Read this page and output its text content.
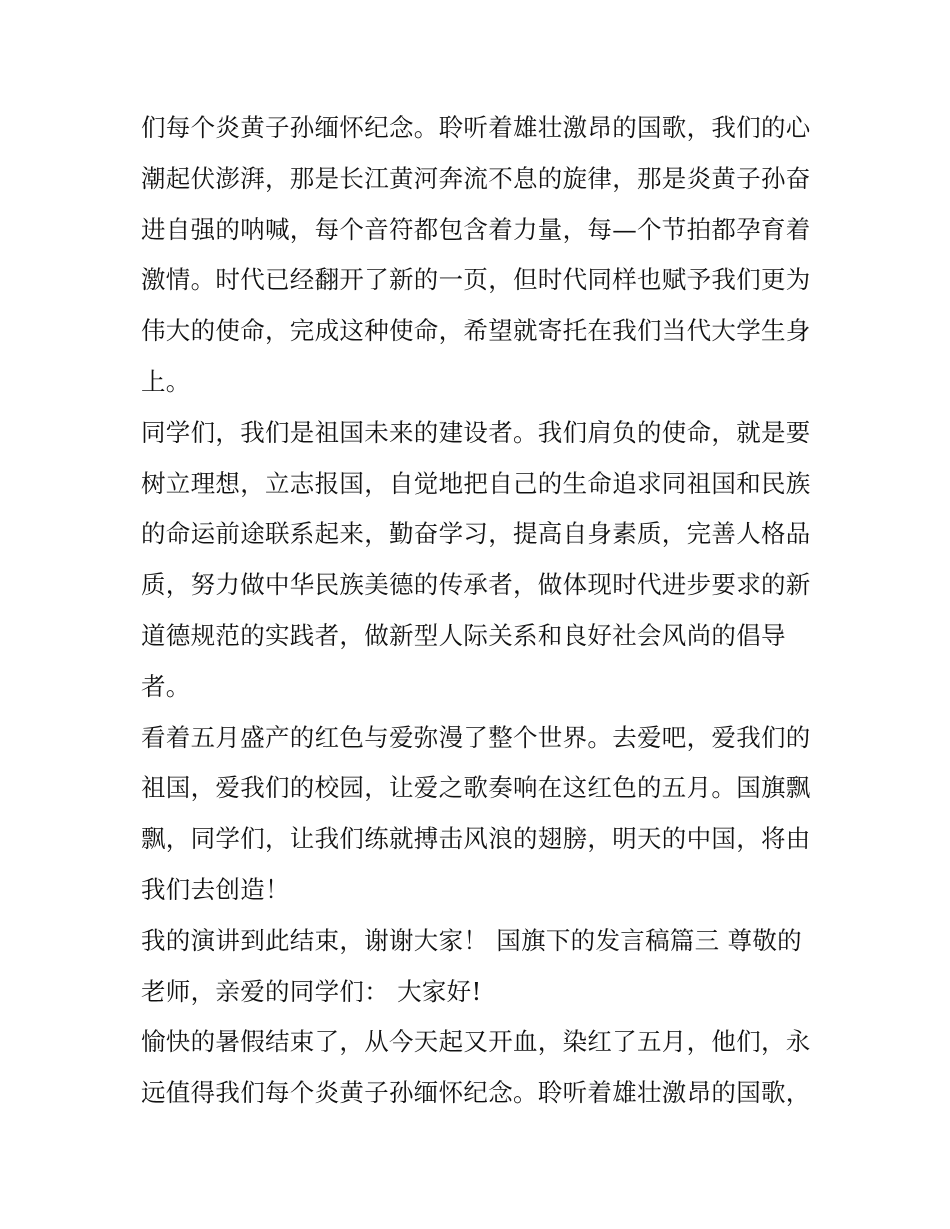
们每个炎黄子孙缅怀纪念。聆听着雄壮激昂的国歌，我们的心
潮起伏澎湃，那是长江黄河奔流不息的旋律，那是炎黄子孙奋
进自强的呐喊，每个音符都包含着力量，每—个节拍都孕育着
激情。时代已经翻开了新的一页，但时代同样也赋予我们更为
伟大的使命，完成这种使命，希望就寄托在我们当代大学生身
上。
同学们，我们是祖国未来的建设者。我们肩负的使命，就是要
树立理想，立志报国，自觉地把自己的生命追求同祖国和民族
的命运前途联系起来，勤奋学习，提高自身素质，完善人格品
质，努力做中华民族美德的传承者，做体现时代进步要求的新
道德规范的实践者，做新型人际关系和良好社会风尚的倡导
者。
看着五月盛产的红色与爱弥漫了整个世界。去爱吧，爱我们的
祖国，爱我们的校园，让爱之歌奏响在这红色的五月。国旗飘
飘，同学们，让我们练就搏击风浪的翅膀，明天的中国，将由
我们去创造！
我的演讲到此结束，谢谢大家！ 国旗下的发言稿篇三 尊敬的
老师，亲爱的同学们： 大家好!
愉快的暑假结束了，从今天起又开血，染红了五月，他们，永
远值得我们每个炎黄子孙缅怀纪念。聆听着雄壮激昂的国歌，
